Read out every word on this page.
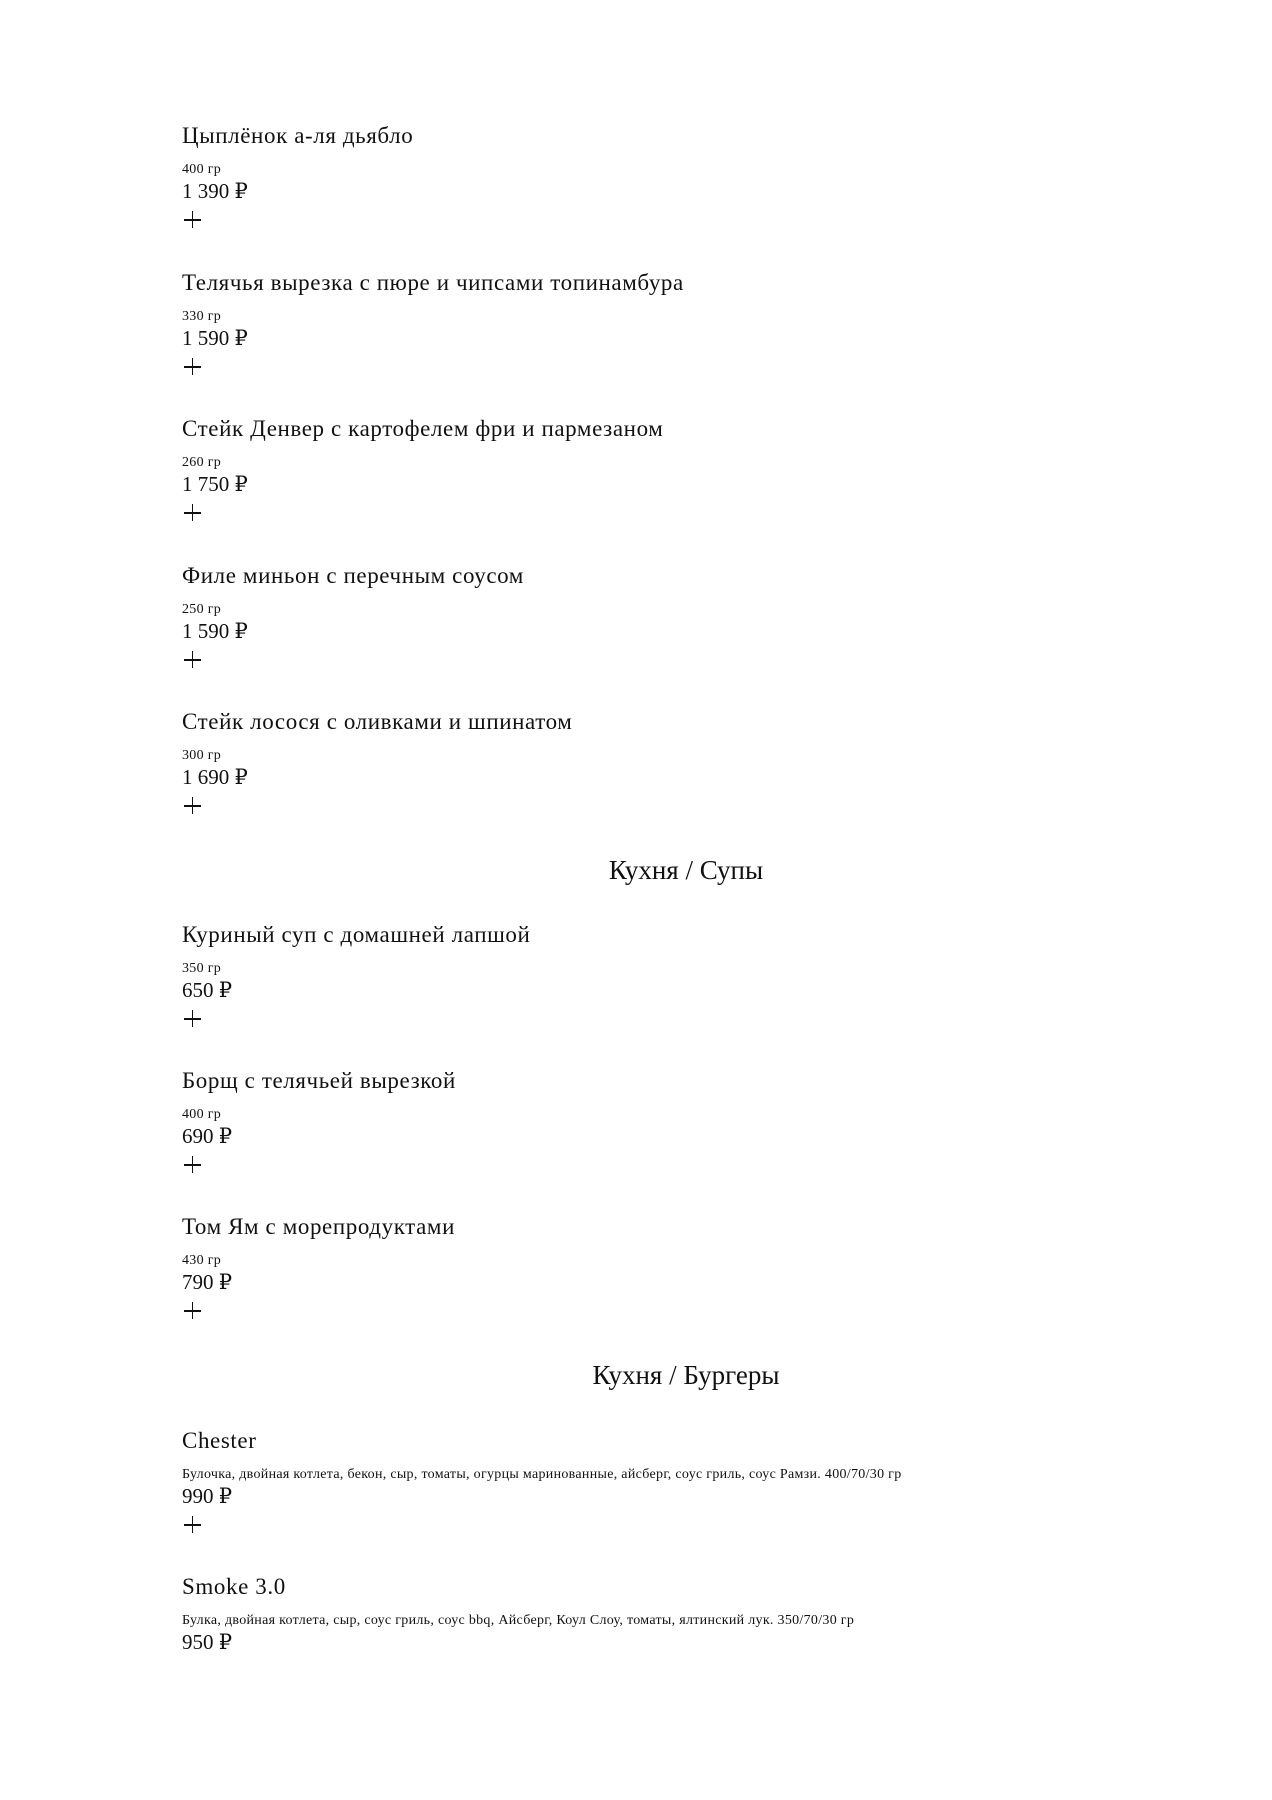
Цыплёнок а-ля дьябло
400 гр
1 390 ₽
Телячья вырезка с пюре и чипсами топинамбура
330 гр
1 590 ₽
Стейк Денвер с картофелем фри и пармезаном
260 гр
1 750 ₽
Филе миньон с перечным соусом
250 гр
1 590 ₽
Стейк лосося с оливками и шпинатом
300 гр
1 690 ₽
Кухня / Супы
Куриный суп с домашней лапшой
350 гр
650 ₽
Борщ с телячьей вырезкой
400 гр
690 ₽
Том Ям с морепродуктами
430 гр
790 ₽
Кухня / Бургеры
Chester
Булочка, двойная котлета, бекон, сыр, томаты, огурцы маринованные, айсберг, соус гриль, соус Рамзи. 400/70/30 гр
990 ₽
Smoke 3.0
Булка, двойная котлета, сыр, соус гриль, соус bbq, Айсберг, Коул Слоу, томаты, ялтинский лук. 350/70/30 гр
950 ₽
